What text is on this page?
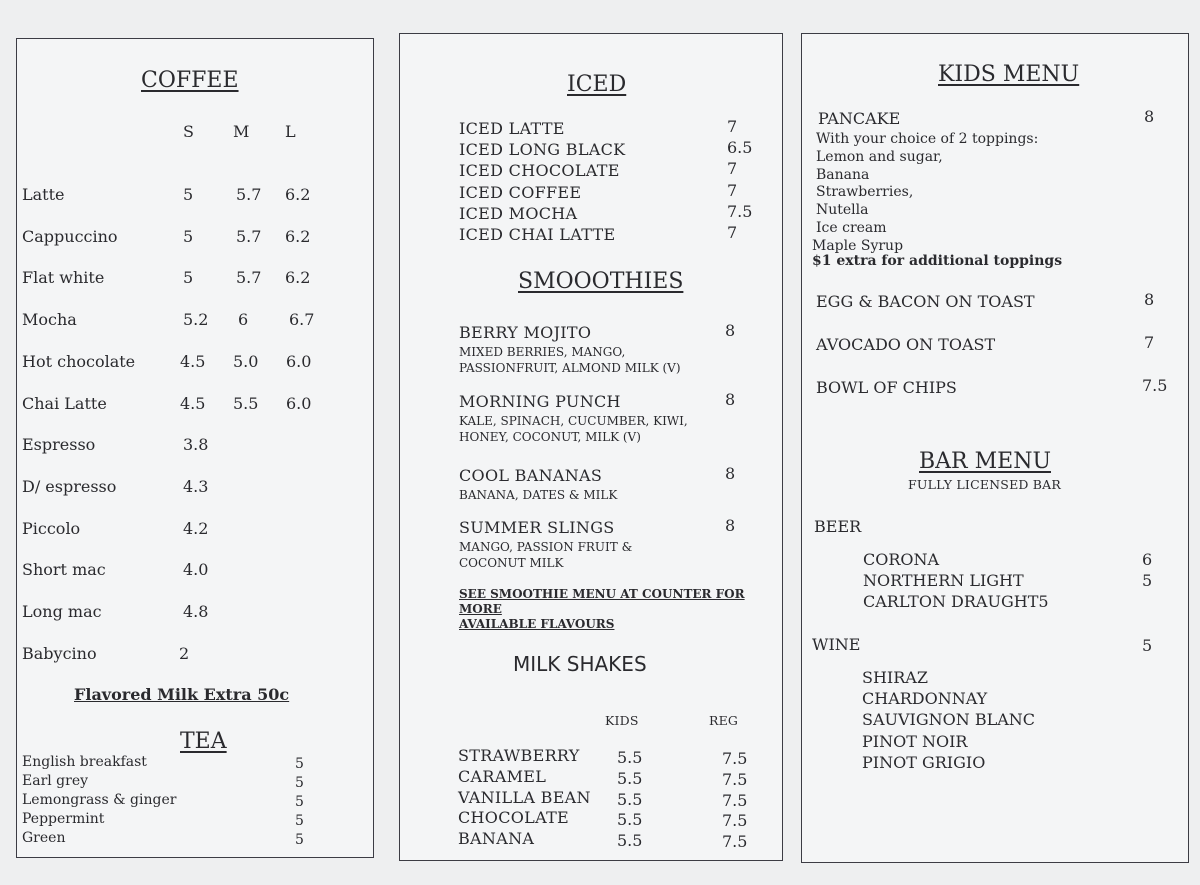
COFFEE
S M L
Latte	5	5.7 6.2
Cappuccino	5	5.7 6.2
Flat white	5	5.7 6.2
Mocha	5.2 6	6.7
Hot chocolate	4.5 5.0 6.0
Chai Latte	4.5 5.5 6.0
Espresso	3.8
D/ espresso	4.3
Piccolo	4.2
Short mac	4.0
Long mac	4.8
Babycino	2
Flavored Milk Extra 50c
TEA
English breakfast	5
Earl grey	5
Lemongrass & ginger	5
Peppermint	5
Green	5
ICED
ICED LATTE	7
ICED LONG BLACK	6.5
ICED CHOCOLATE	7
ICED COFFEE	7
ICED MOCHA	7.5
ICED CHAI LATTE	7
SMOOOTHIES
BERRY MOJITO	8
MIXED BERRIES, MANGO,
PASSIONFRUIT, ALMOND MILK (V)
MORNING PUNCH	8
KALE, SPINACH, CUCUMBER, KIWI,
HONEY, COCONUT, MILK (V)
COOL BANANAS	8
BANANA, DATES & MILK
SUMMER SLINGS	8
MANGO, PASSION FRUIT &
COCONUT MILK
SEE SMOOTHIE MENU AT COUNTER FOR MORE
AVAILABLE FLAVOURS
MILK SHAKES
KIDS	REG
STRAWBERRY 5.5	7.5
CARAMEL	5.5	7.5
VANILLA BEAN 5.5	7.5
CHOCOLATE	5.5	7.5
BANANA	5.5	7.5
KIDS MENU
PANCAKE	8
With your choice of 2 toppings:
Lemon and sugar,
Banana
Strawberries,
Nutella
Ice cream
Maple Syrup
$1 extra for additional toppings
EGG & BACON ON TOAST	8
AVOCADO ON TOAST	7
BOWL OF CHIPS	7.5
BAR MENU
FULLY LICENSED BAR
BEER
CORONA	6
NORTHERN LIGHT	5
CARLTON DRAUGHT5
WINE	5
SHIRAZ
CHARDONNAY
SAUVIGNON BLANC
PINOT NOIR
PINOT GRIGIO
